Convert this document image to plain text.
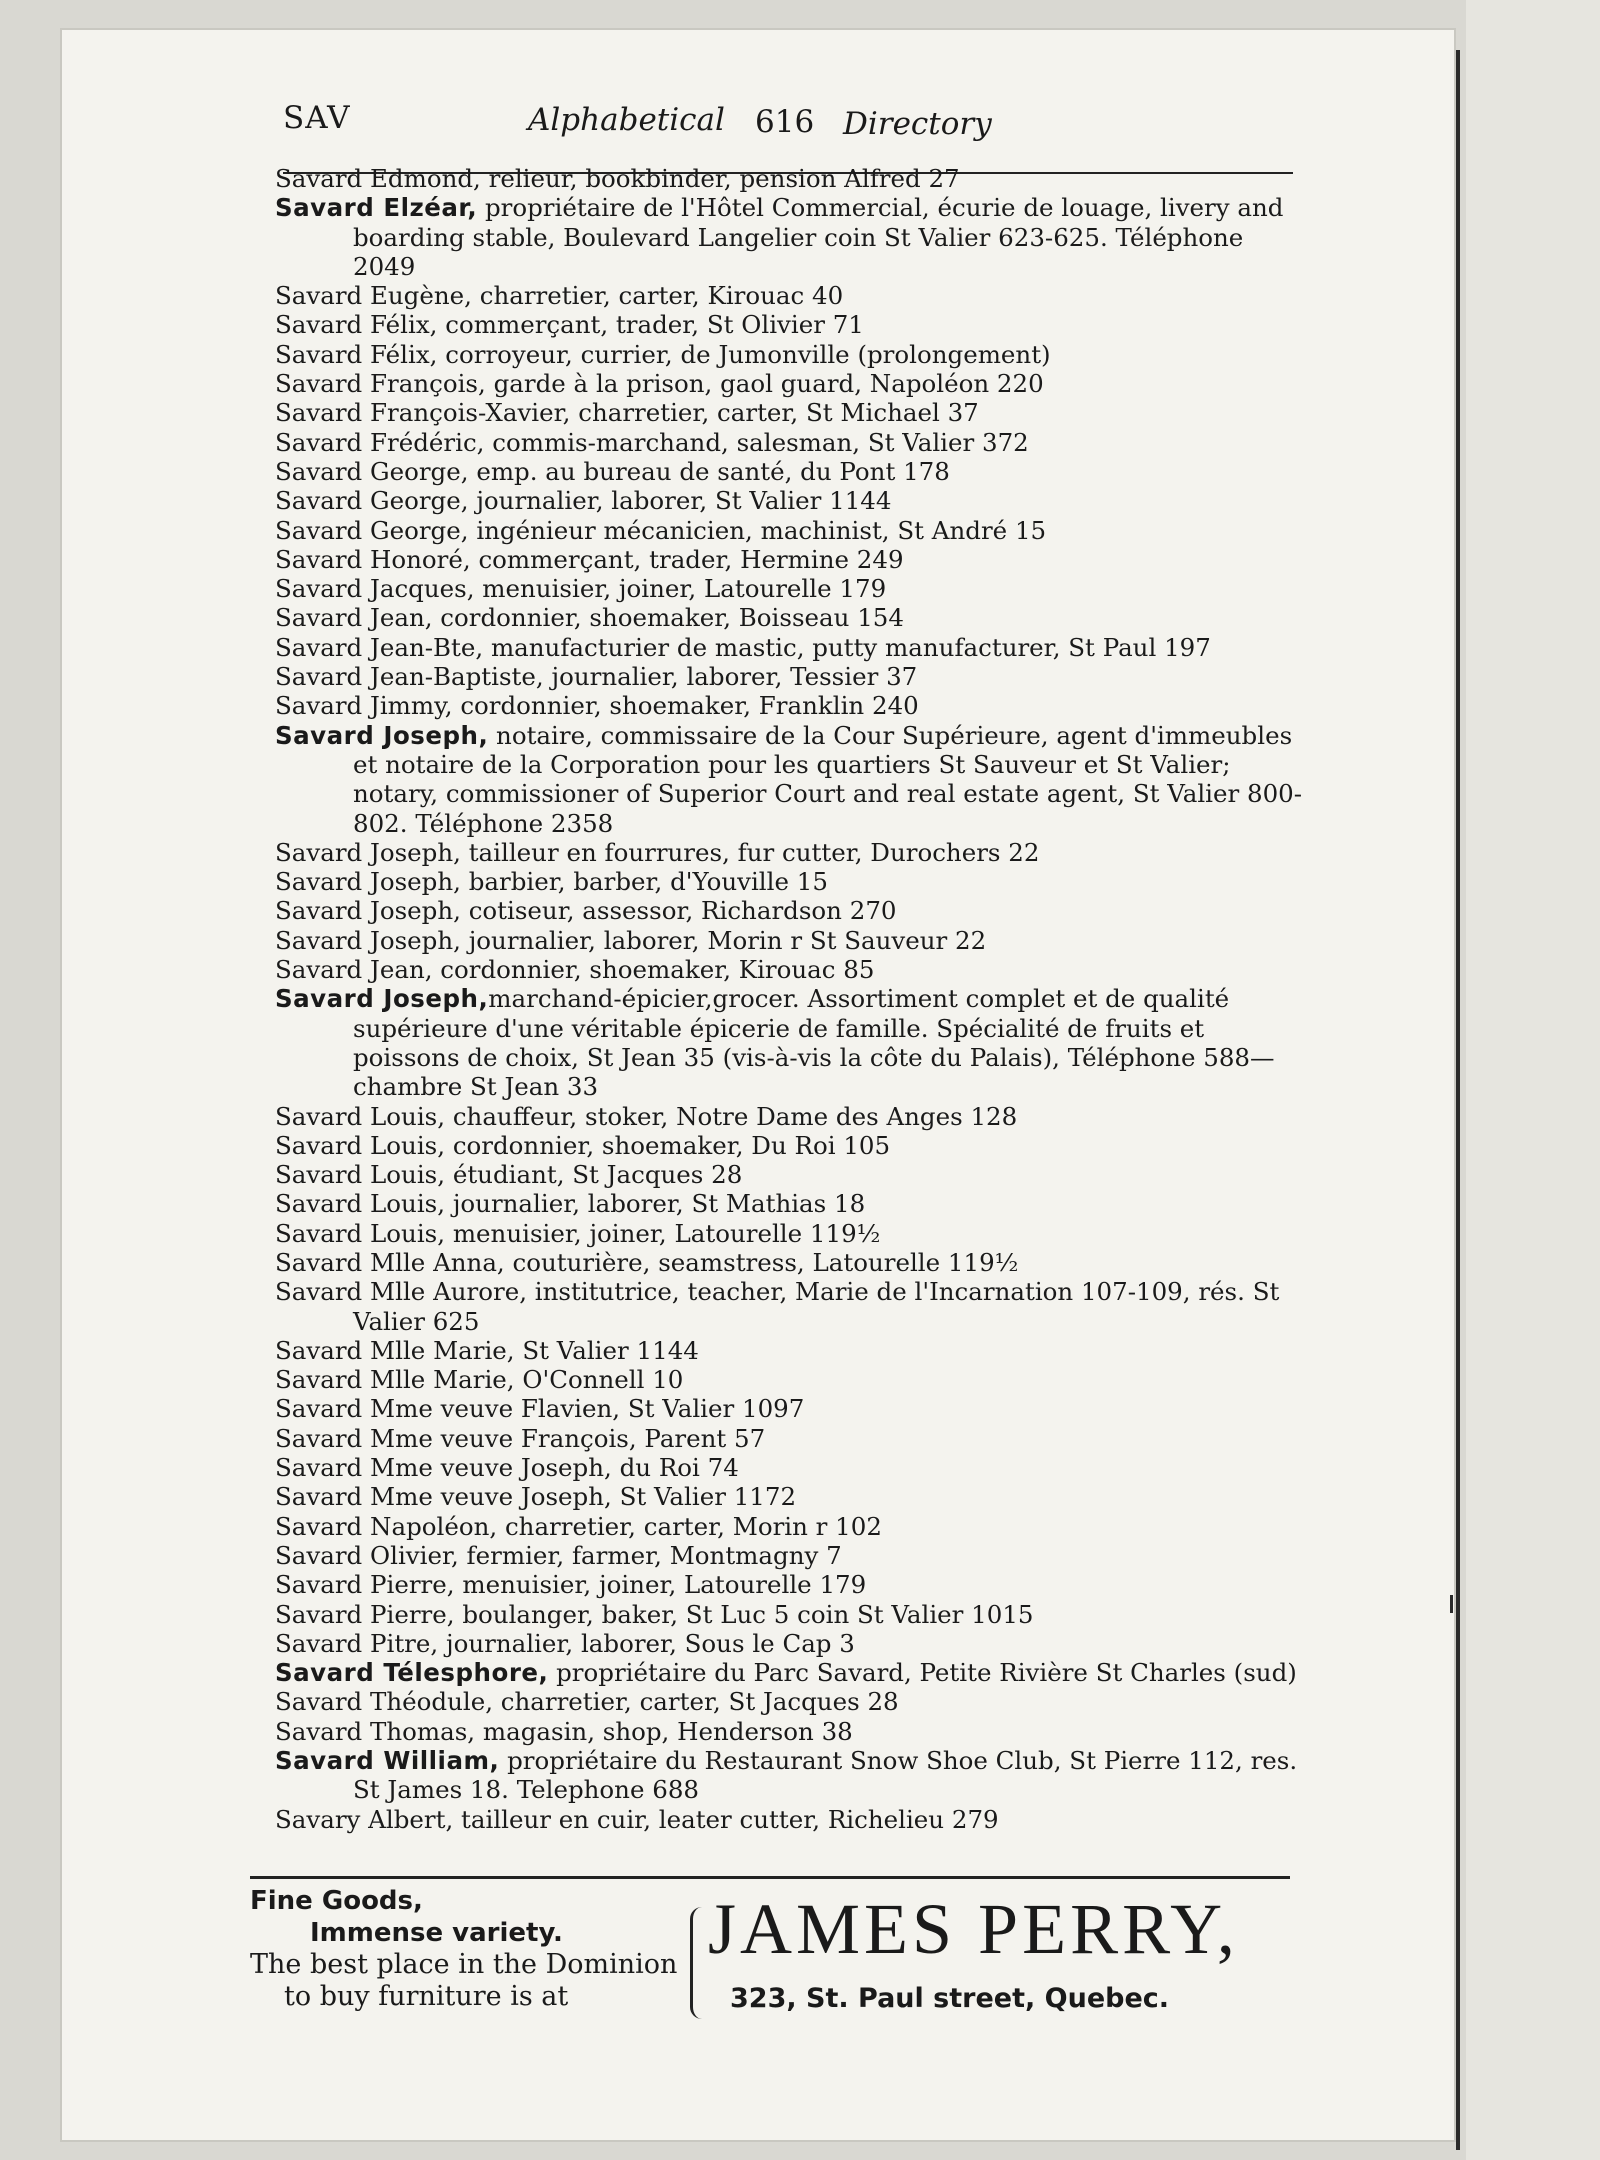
SAV	Alphabetical 616 Directory
Savard Edmond, relieur, bookbinder, pension Alfred 27
Savard Elzéar, propriétaire de l'Hôtel Commercial, écurie de louage, livery and boarding stable, Boulevard Langelier coin St Valier 623-625. Téléphone 2049
Savard Eugène, charretier, carter, Kirouac 40
Savard Félix, commerçant, trader, St Olivier 71
Savard Félix, corroyeur, currier, de Jumonville (prolongement)
Savard François, garde à la prison, gaol guard, Napoléon 220
Savard François-Xavier, charretier, carter, St Michael 37
Savard Frédéric, commis-marchand, salesman, St Valier 372
Savard George, emp. au bureau de santé, du Pont 178
Savard George, journalier, laborer, St Valier 1144
Savard George, ingénieur mécanicien, machinist, St André 15
Savard Honoré, commerçant, trader, Hermine 249
Savard Jacques, menuisier, joiner, Latourelle 179
Savard Jean, cordonnier, shoemaker, Boisseau 154
Savard Jean-Bte, manufacturier de mastic, putty manufacturer, St Paul 197
Savard Jean-Baptiste, journalier, laborer, Tessier 37
Savard Jimmy, cordonnier, shoemaker, Franklin 240
Savard Joseph, notaire, commissaire de la Cour Supérieure, agent d'immeubles et notaire de la Corporation pour les quartiers St Sauveur et St Valier; notary, commissioner of Superior Court and real estate agent, St Valier 800-802. Téléphone 2358
Savard Joseph, tailleur en fourrures, fur cutter, Durochers 22
Savard Joseph, barbier, barber, d'Youville 15
Savard Joseph, cotiseur, assessor, Richardson 270
Savard Joseph, journalier, laborer, Morin r St Sauveur 22
Savard Jean, cordonnier, shoemaker, Kirouac 85
Savard Joseph,marchand-épicier,grocer. Assortiment complet et de qualité supérieure d'une véritable épicerie de famille. Spécialité de fruits et poissons de choix, St Jean 35 (vis-à-vis la côte du Palais), Téléphone 588—chambre St Jean 33
Savard Louis, chauffeur, stoker, Notre Dame des Anges 128
Savard Louis, cordonnier, shoemaker, Du Roi 105
Savard Louis, étudiant, St Jacques 28
Savard Louis, journalier, laborer, St Mathias 18
Savard Louis, menuisier, joiner, Latourelle 119½
Savard Mlle Anna, couturière, seamstress, Latourelle 119½
Savard Mlle Aurore, institutrice, teacher, Marie de l'Incarnation 107-109, rés. St Valier 625
Savard Mlle Marie, St Valier 1144
Savard Mlle Marie, O'Connell 10
Savard Mme veuve Flavien, St Valier 1097
Savard Mme veuve François, Parent 57
Savard Mme veuve Joseph, du Roi 74
Savard Mme veuve Joseph, St Valier 1172
Savard Napoléon, charretier, carter, Morin r 102
Savard Olivier, fermier, farmer, Montmagny 7
Savard Pierre, menuisier, joiner, Latourelle 179
Savard Pierre, boulanger, baker, St Luc 5 coin St Valier 1015
Savard Pitre, journalier, laborer, Sous le Cap 3
Savard Télesphore, propriétaire du Parc Savard, Petite Rivière St Charles (sud)
Savard Théodule, charretier, carter, St Jacques 28
Savard Thomas, magasin, shop, Henderson 38
Savard William, propriétaire du Restaurant Snow Shoe Club, St Pierre 112, res. St James 18. Telephone 688
Savary Albert, tailleur en cuir, leater cutter, Richelieu 279
Fine Goods,
Immense variety.
The best place in the Dominion
to buy furniture is at
JAMES PERRY,
323, St. Paul street, Quebec.
